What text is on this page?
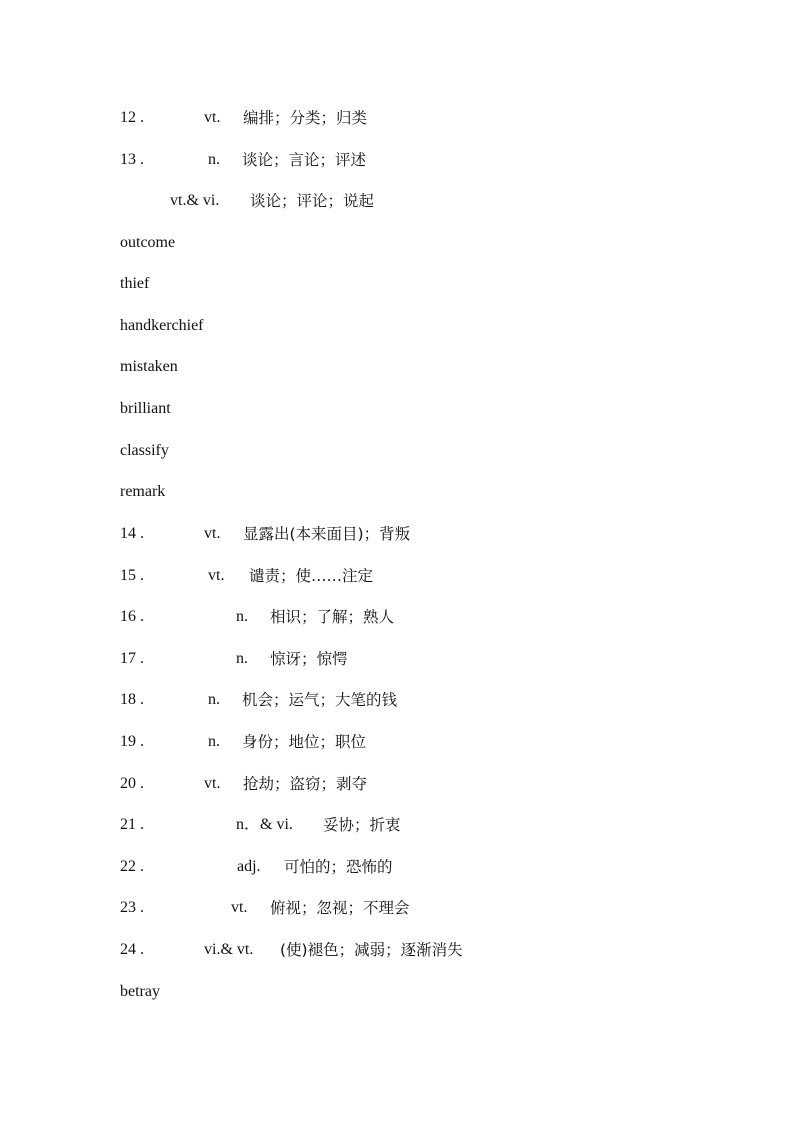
12 .	vt. 编排；分类；归类
13 .	n. 谈论；言论；评述
vt.& vi. 谈论；评论；说起
outcome
thief
handkerchief
mistaken
brilliant
classify
remark
14 .	vt. 显露出(本来面目)；背叛
15 .	vt. 谴责；使……注定
16 .	n. 相识；了解；熟人
17 .	n. 惊讶；惊愕
18 .	n. 机会；运气；大笔的钱
19 .	n. 身份；地位；职位
20 .	vt. 抢劫；盗窃；剥夺
21 .	n．& vi. 妥协；折衷
22 .	adj. 可怕的；恐怖的
23 .	vt. 俯视；忽视；不理会
24 .	vi.& vt. (使)褪色；减弱；逐渐消失
betray
